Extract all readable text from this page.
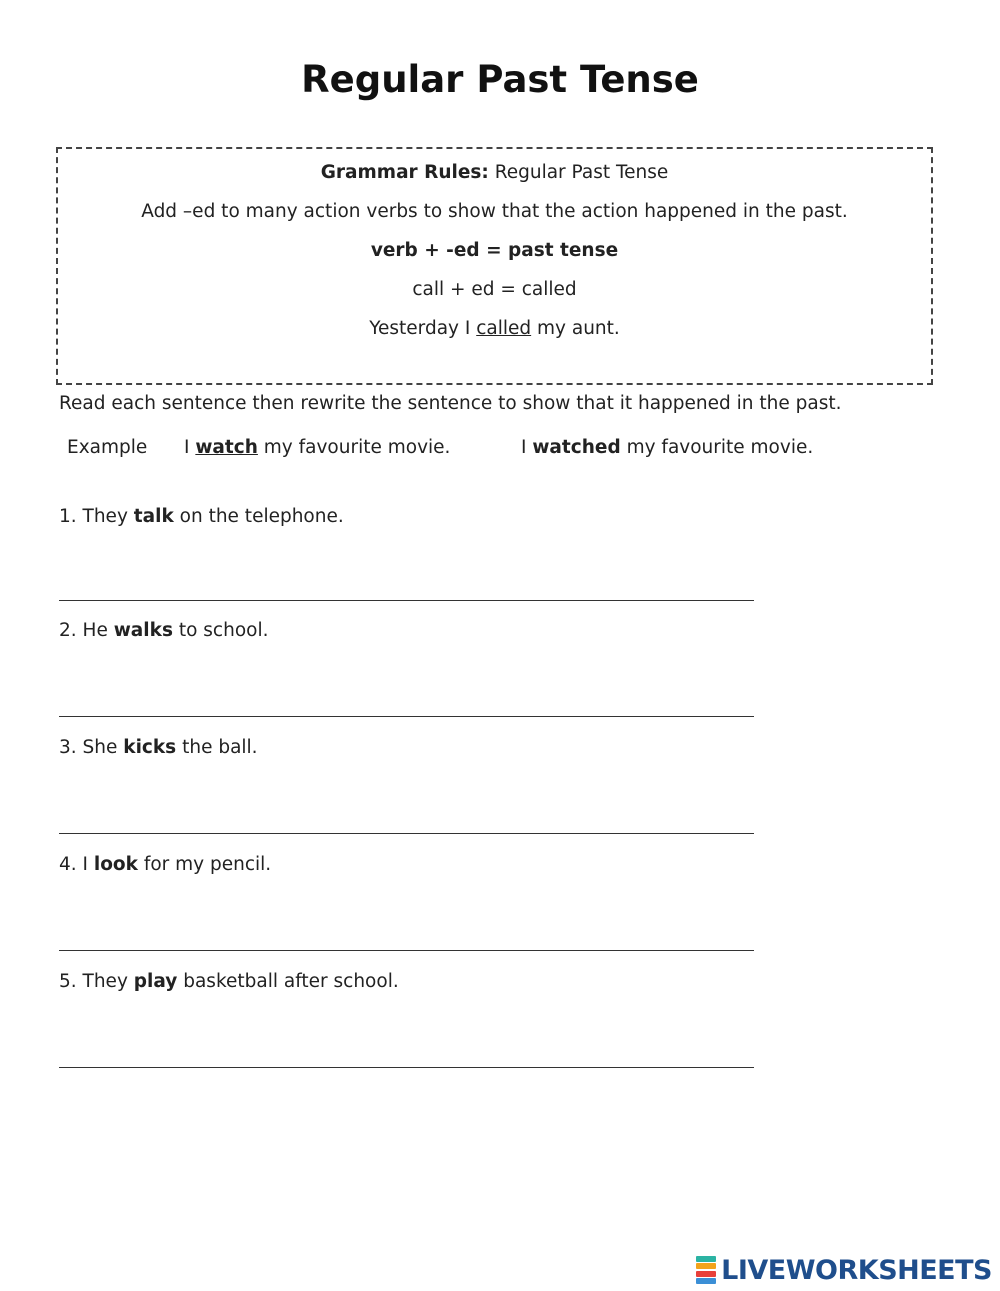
Regular Past Tense
Grammar Rules: Regular Past Tense
Add –ed to many action verbs to show that the action happened in the past.
verb + -ed = past tense
call + ed = called
Yesterday I called my aunt.
Read each sentence then rewrite the sentence to show that it happened in the past.
Example I watch my favourite movie.	I watched my favourite movie.
1. They talk on the telephone.
2. He walks to school.
3. She kicks the ball.
4. I look for my pencil.
5. They play basketball after school.
LIVEWORKSHEETS
